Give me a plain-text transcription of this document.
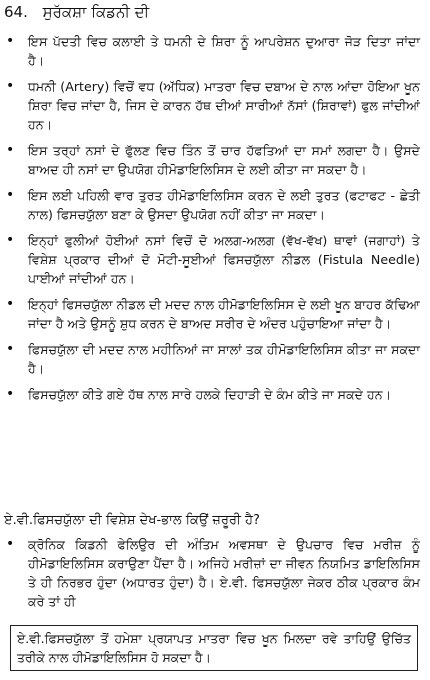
64. ਸੁਰੱਕਸ਼ਾ ਕਿਡਨੀ ਦੀ
• ਇਸ ਪੱਦਤੀ ਵਿਚ ਕਲਾਈ ਤੇ ਧਮਨੀ ਦੇ ਸ਼ਿਰਾ ਨੂੰ ਆਪਰੇਸ਼ਨ ਦੁਆਰਾ ਜੋੜ ਦਿਤਾ ਜਾਂਦਾ ਹੈ।
• ਧਮਨੀ (Artery) ਵਿਚੋਂ ਵਧ (ਅੱਧਿਕ) ਮਾਤਰਾ ਵਿਚ ਦਬਾਅ ਦੇ ਨਾਲ ਆਂਦਾ ਹੋਇਆ ਖੂਨ ਸ਼ਿਰਾ ਵਿਚ ਜਾਂਦਾ ਹੈ, ਜਿਸ ਦੇ ਕਾਰਨ ਹੱਥ ਦੀਆਂ ਸਾਰੀਆਂ ਨੱਸਾਂ (ਸ਼ਿਰਾਵਾਂ) ਫੁਲ ਜਾਂਦੀਆਂ ਹਨ।
• ਇਸ ਤਰ੍ਹਾਂ ਨਸਾਂ ਦੇ ਫੁੱਲਣ ਵਿਚ ਤਿੰਨ ਤੋਂ ਚਾਰ ਹੱਫਤਿਆਂ ਦਾ ਸਮਾਂ ਲਗਦਾ ਹੈ। ਉਸਦੇ ਬਾਅਦ ਹੀ ਨਸਾਂ ਦਾ ਉਪਯੋਗ ਹੀਮੋਡਾਇਲਿਸਿਸ ਦੇ ਲਈ ਕੀਤਾ ਜਾ ਸਕਦਾ ਹੈ।
• ਇਸ ਲਈ ਪਹਿਲੀ ਵਾਰ ਤੁਰਤ ਹੀਮੋਡਾਇਲਿਸਿਸ ਕਰਨ ਦੇ ਲਈ ਤੁਰਤ (ਫਟਾਫਟ - ਛੇਤੀ ਨਾਲ) ਫਿਸਚਯੁੱਲਾ ਬਣਾ ਕੇ ਉਸਦਾ ਉਪਯੋਗ ਨਹੀਂ ਕੀਤਾ ਜਾ ਸਕਦਾ।
• ਇਨ੍ਹਾਂ ਫੁਲੀਆਂ ਹੋਈਆਂ ਨਸਾਂ ਵਿਚੋਂ ਦੋ ਅਲਗ-ਅਲਗ (ਵੱਖ-ਵੱਖ) ਥਾਵਾਂ (ਜਗਾਹਾਂ) ਤੇ ਵਿਸ਼ੇਸ਼ ਪ੍ਰਕਾਰ ਦੀਆਂ ਦੋ ਮੋਟੀ-ਸੂਈਆਂ ਫਿਸਚਯੁੱਲਾ ਨੀਡਲ (Fistula Needle) ਪਾਈਆਂ ਜਾਂਦੀਆਂ ਹਨ।
• ਇਨ੍ਹਾਂ ਫਿਸਚਯੁੱਲਾ ਨੀਡਲ ਦੀ ਮਦਦ ਨਾਲ ਹੀਮੋਡਾਇਲਿਸਿਸ ਦੇ ਲਈ ਖੂਨ ਬਾਹਰ ਕੱਢਿਆ ਜਾਂਦਾ ਹੈ ਅਤੇ ਉਸਨੂੰ ਸ਼ੁਧ ਕਰਨ ਦੇ ਬਾਅਦ ਸਰੀਰ ਦੇ ਅੰਦਰ ਪਹੁੰਚਾਇਆ ਜਾਂਦਾ ਹੈ।
• ਫਿਸਚਯੁੱਲਾ ਦੀ ਮਦਦ ਨਾਲ ਮਹੀਨਿਆਂ ਜਾ ਸਾਲਾਂ ਤਕ ਹੀਮੋਡਾਇਲਿਸਿਸ ਕੀਤਾ ਜਾ ਸਕਦਾ ਹੈ।
• ਫਿਸਚਯੁੱਲਾ ਕੀਤੇ ਗਏ ਹੱਥ ਨਾਲ ਸਾਰੇ ਹਲਕੇ ਦਿਹਾੜੀ ਦੇ ਕੰਮ ਕੀਤੇ ਜਾ ਸਕਦੇ ਹਨ।
ਏ.ਵੀ.ਫਿਸਚਯੁੱਲਾ ਦੀ ਵਿਸ਼ੇਸ਼ ਦੇਖ-ਭਾਲ ਕਿਉਂ ਜ਼ਰੂਰੀ ਹੈ?
• ਕ੍ਰੋਨਿਕ ਕਿਡਨੀ ਫੇਲਿਉਰ ਦੀ ਅੰਤਿਮ ਅਵਸਥਾ ਦੇ ਉਪਚਾਰ ਵਿਚ ਮਰੀਜ਼ ਨੂੰ ਹੀਮੋਡਾਇਲਿਸਿਸ ਕਰਾਉਣਾ ਪੈਂਦਾ ਹੈ। ਅਜਿਹੇ ਮਰੀਜ਼ਾਂ ਦਾ ਜੀਵਨ ਨਿਯਮਿਤ ਡਾਇਲਿਸਿਸ ਤੇ ਹੀ ਨਿਰਭਰ ਹੁੰਦਾ (ਅਧਾਰਤ ਹੁੰਦਾ) ਹੈ। ਏ.ਵੀ. ਫਿਸਚਯੁੱਲਾ ਜੇਕਰ ਠੀਕ ਪ੍ਰਕਾਰ ਕੰਮ ਕਰੇ ਤਾਂ ਹੀ
ਏ.ਵੀ.ਫਿਸਚਯੁੱਲਾ ਤੋਂ ਹਮੇਸ਼ਾ ਪ੍ਰਯਾਪਤ ਮਾਤਰਾ ਵਿਚ ਖੂਨ ਮਿਲਦਾ ਰਵੇ ਤਾਹਿਉਂ ਉਚਿੱਤ ਤਰੀਕੇ ਨਾਲ ਹੀਮੋਡਾਇਲਿਸਿਸ ਹੋ ਸਕਦਾ ਹੈ।
